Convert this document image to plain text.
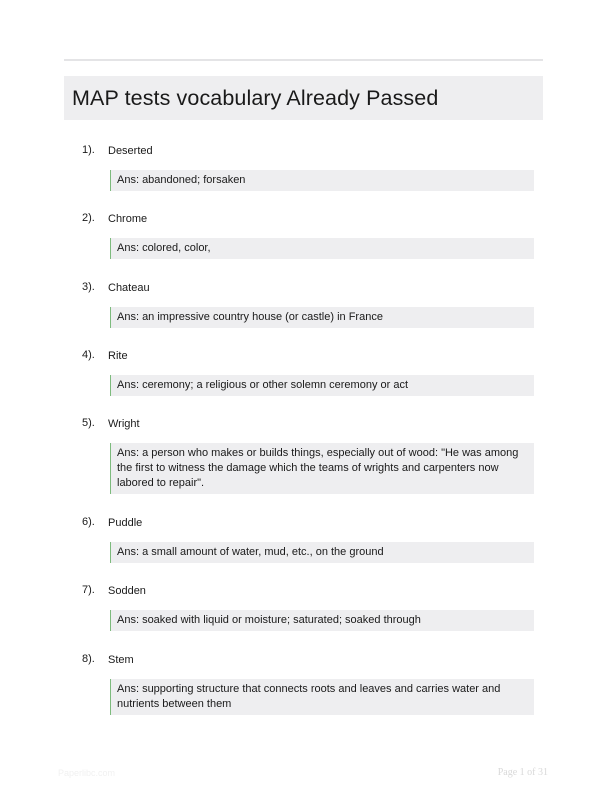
MAP tests vocabulary Already Passed
1). Deserted
Ans: abandoned; forsaken
2). Chrome
Ans: colored, color,
3). Chateau
Ans: an impressive country house (or castle) in France
4). Rite
Ans: ceremony; a religious or other solemn ceremony or act
5). Wright
Ans: a person who makes or builds things, especially out of wood: "He was among the first to witness the damage which the teams of wrights and carpenters now labored to repair".
6). Puddle
Ans: a small amount of water, mud, etc., on the ground
7). Sodden
Ans: soaked with liquid or moisture; saturated; soaked through
8). Stem
Ans: supporting structure that connects roots and leaves and carries water and nutrients between them
Paperlibc.com	Page 1 of 31
